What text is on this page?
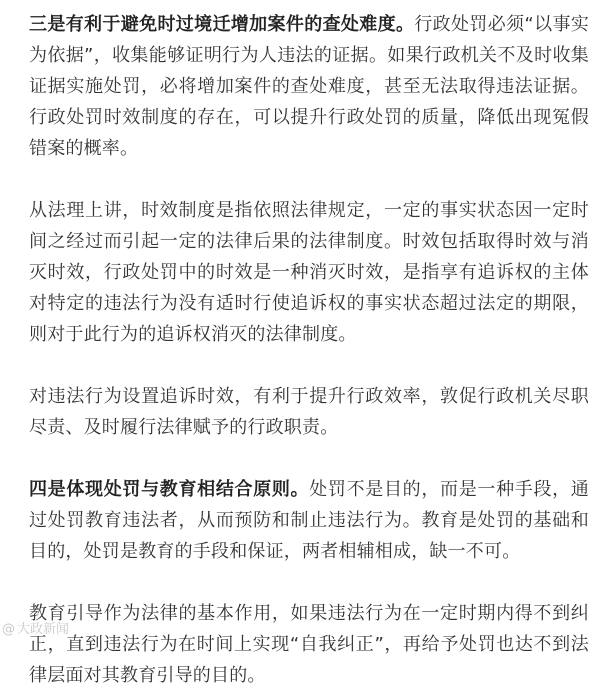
三是有利于避免时过境迁增加案件的查处难度。行政处罚必须“以事实为依据”，收集能够证明行为人违法的证据。如果行政机关不及时收集证据实施处罚，必将增加案件的查处难度，甚至无法取得违法证据。行政处罚时效制度的存在，可以提升行政处罚的质量，降低出现冤假错案的概率。

从法理上讲，时效制度是指依照法律规定，一定的事实状态因一定时间之经过而引起一定的法律后果的法律制度。时效包括取得时效与消灭时效，行政处罚中的时效是一种消灭时效，是指享有追诉权的主体对特定的违法行为没有适时行使追诉权的事实状态超过法定的期限，则对于此行为的追诉权消灭的法律制度。

对违法行为设置追诉时效，有利于提升行政效率，敦促行政机关尽职尽责、及时履行法律赋予的行政职责。

四是体现处罚与教育相结合原则。处罚不是目的，而是一种手段，通过处罚教育违法者，从而预防和制止违法行为。教育是处罚的基础和目的，处罚是教育的手段和保证，两者相辅相成，缺一不可。

教育引导作为法律的基本作用，如果违法行为在一定时期内得不到纠正，直到违法行为在时间上实现“自我纠正”，再给予处罚也达不到法律层面对其教育引导的目的。

@ 大政新闻
